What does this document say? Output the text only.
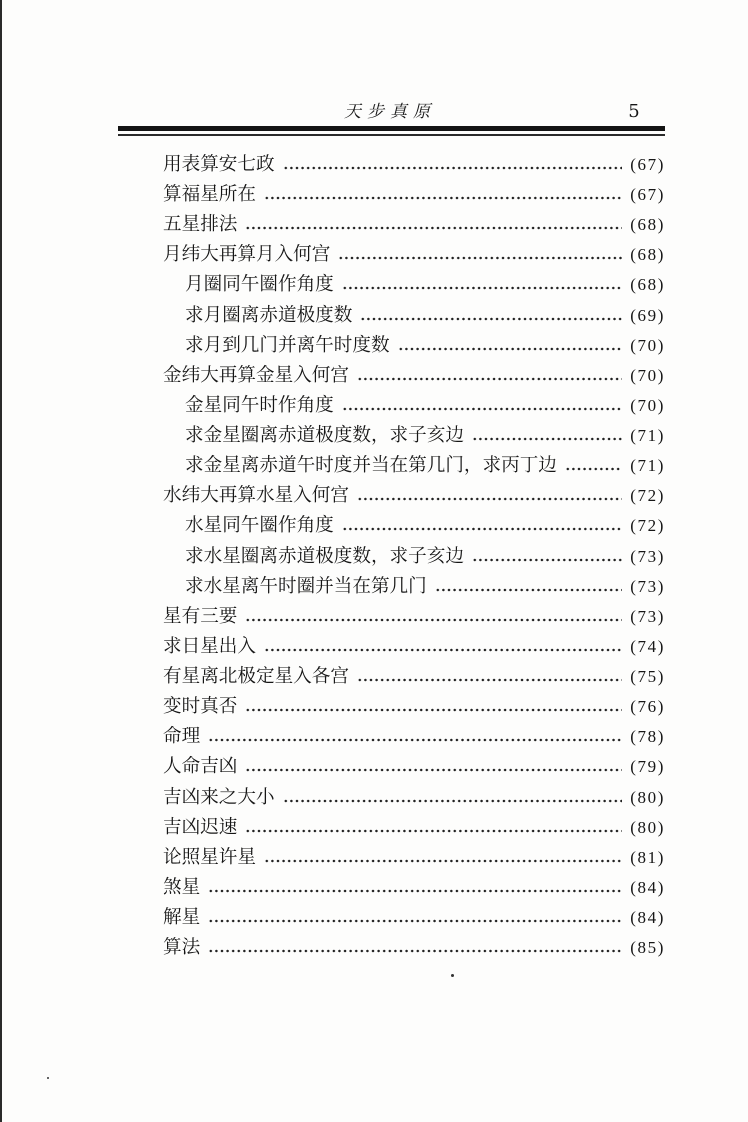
天步真原	5
用表算安七政	(67)
算福星所在	(67)
五星排法	(68)
月纬大再算月入何宫	(68)
月圈同午圈作角度	(68)
求月圈离赤道极度数	(69)
求月到几门并离午时度数	(70)
金纬大再算金星入何宫	(70)
金星同午时作角度	(70)
求金星圈离赤道极度数，求子亥边	(71)
求金星离赤道午时度并当在第几门，求丙丁边	(71)
水纬大再算水星入何宫	(72)
水星同午圈作角度	(72)
求水星圈离赤道极度数，求子亥边	(73)
求水星离午时圈并当在第几门	(73)
星有三要	(73)
求日星出入	(74)
有星离北极定星入各宫	(75)
变时真否	(76)
命理	(78)
人命吉凶	(79)
吉凶来之大小	(80)
吉凶迟速	(80)
论照星许星	(81)
煞星	(84)
解星	(84)
算法	(85)
